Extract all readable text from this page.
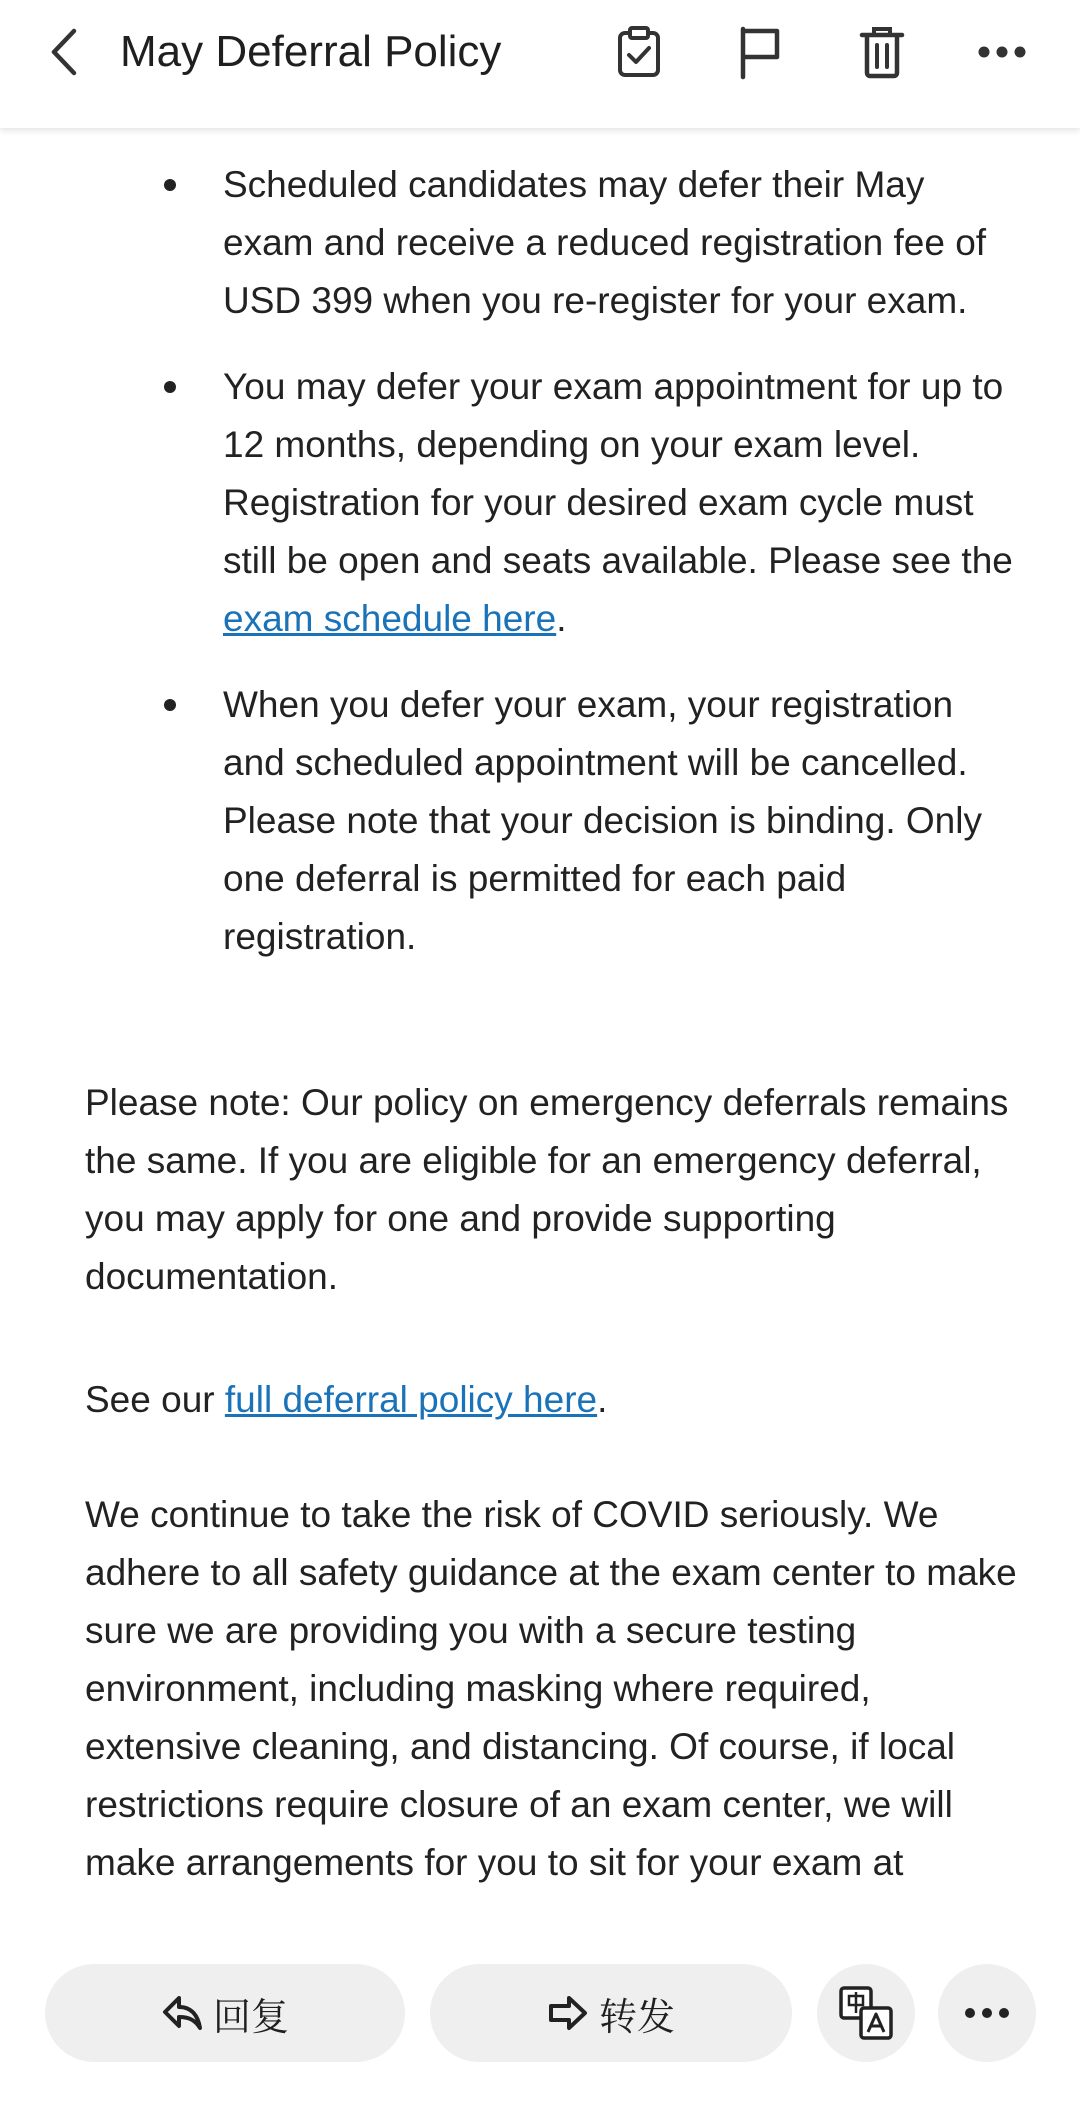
May Deferral Policy
Scheduled candidates may defer their May exam and receive a reduced registration fee of USD 399 when you re-register for your exam.
You may defer your exam appointment for up to 12 months, depending on your exam level. Registration for your desired exam cycle must still be open and seats available. Please see the exam schedule here.
When you defer your exam, your registration and scheduled appointment will be cancelled. Please note that your decision is binding. Only one deferral is permitted for each paid registration.

Please note: Our policy on emergency deferrals remains the same. If you are eligible for an emergency deferral, you may apply for one and provide supporting documentation.

See our full deferral policy here.

We continue to take the risk of COVID seriously. We adhere to all safety guidance at the exam center to make sure we are providing you with a secure testing environment, including masking where required, extensive cleaning, and distancing. Of course, if local restrictions require closure of an exam center, we will make arrangements for you to sit for your exam at

回复	转发
